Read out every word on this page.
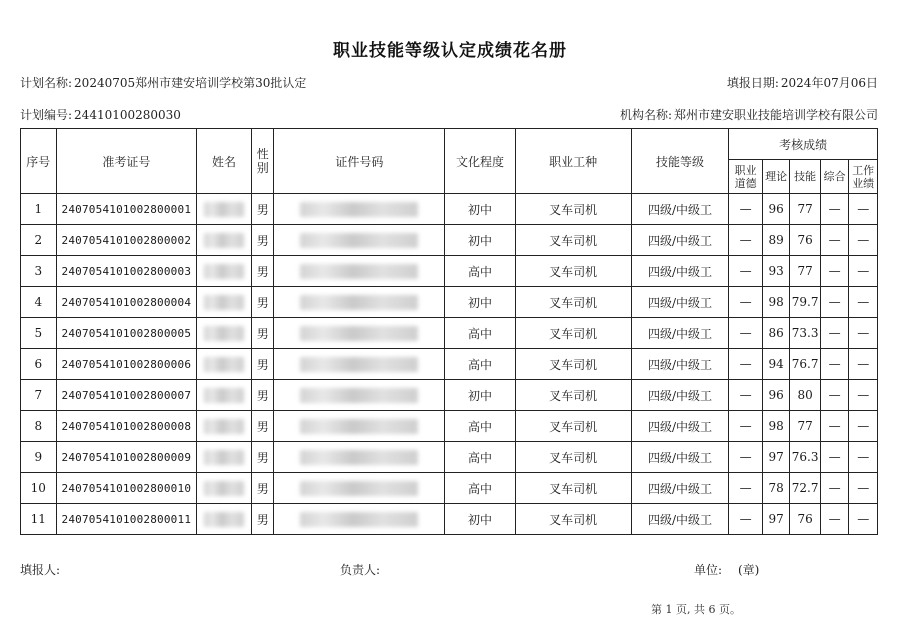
职业技能等级认定成绩花名册
计划名称: 20240705郑州市建安培训学校第30批认定	填报日期: 2024年07月06日
计划编号: 24410100280030	机构名称: 郑州市建安职业技能培训学校有限公司
序号	准考证号	姓名	性别	证件号码	文化程度	职业工种	技能等级	考核成绩				
								职业道德	理论	技能	综合	工作业绩
1	2407054101002800001		男		初中	叉车司机	四级/中级工	—	96	77	—	—
2	2407054101002800002		男		初中	叉车司机	四级/中级工	—	89	76	—	—
3	2407054101002800003		男		高中	叉车司机	四级/中级工	—	93	77	—	—
4	2407054101002800004		男		初中	叉车司机	四级/中级工	—	98	79.7	—	—
5	2407054101002800005		男		高中	叉车司机	四级/中级工	—	86	73.3	—	—
6	2407054101002800006		男		高中	叉车司机	四级/中级工	—	94	76.7	—	—
7	2407054101002800007		男		初中	叉车司机	四级/中级工	—	96	80	—	—
8	2407054101002800008		男		高中	叉车司机	四级/中级工	—	98	77	—	—
9	2407054101002800009		男		高中	叉车司机	四级/中级工	—	97	76.3	—	—
10	2407054101002800010		男		高中	叉车司机	四级/中级工	—	78	72.7	—	—
11	2407054101002800011		男		初中	叉车司机	四级/中级工	—	97	76	—	—
填报人:	负责人:	单位: (章)
第 1 页, 共 6 页。
